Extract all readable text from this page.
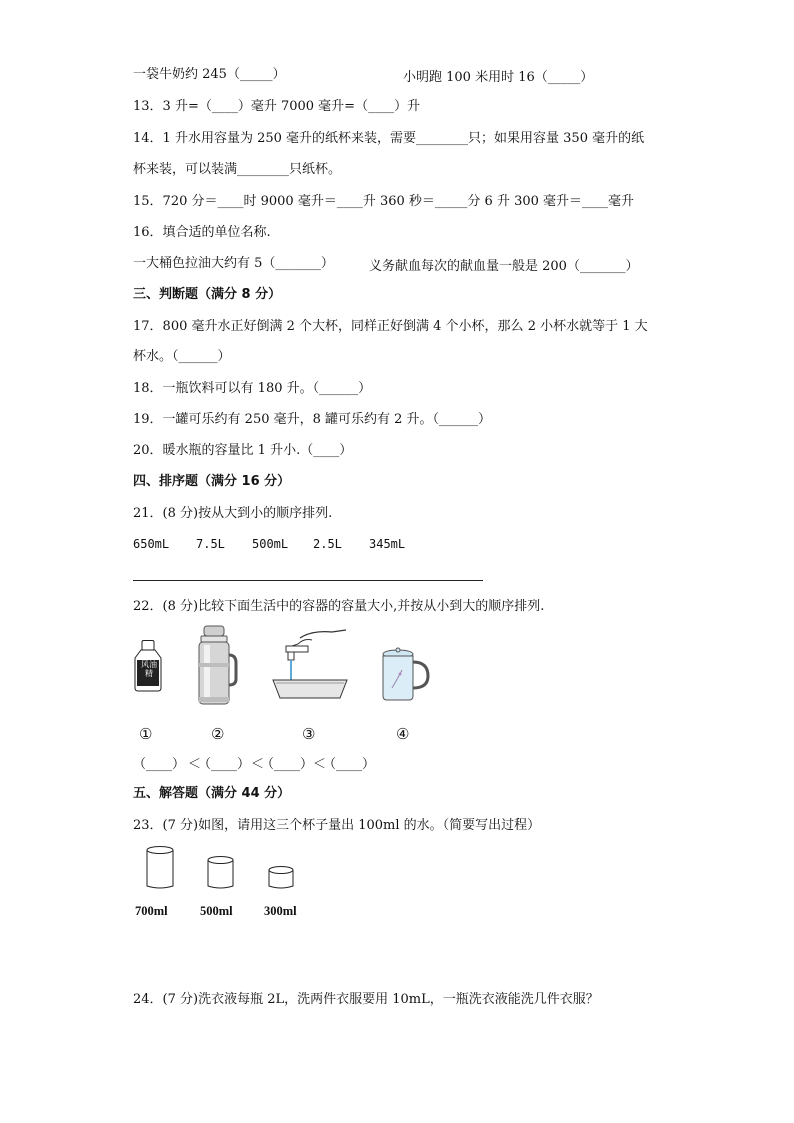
一袋牛奶约 245（_____）	小明跑 100 米用时 16（_____）
13．3 升=（____）毫升 7000 毫升=（____）升
14．1 升水用容量为 250 毫升的纸杯来装，需要________只；如果用容量 350 毫升的纸
杯来装，可以装满________只纸杯。
15．720 分＝____时 9000 毫升＝____升 360 秒＝_____分 6 升 300 毫升＝____毫升
16．填合适的单位名称.
一大桶色拉油大约有 5（_______）	义务献血每次的献血量一般是 200（_______）
三、判断题（满分 8 分）
17．800 毫升水正好倒满 2 个大杯，同样正好倒满 4 个小杯，那么 2 小杯水就等于 1 大
杯水。（______）
18．一瓶饮料可以有 180 升。（______）
19．一罐可乐约有 250 毫升，8 罐可乐约有 2 升。（______）
20．暖水瓶的容量比 1 升小.（____）
四、排序题（满分 16 分）
21．(8 分)按从大到小的顺序排列.
650mL 7.5L 500mL 2.5L 345mL
22．(8 分)比较下面生活中的容器的容量大小,并按从小到大的顺序排列.
风油精
①	②	③	④
（____） ＜
（____） ＜
（____） ＜
（____）
五、解答题（满分 44 分）
23．(7 分)如图，请用这三个杯子量出 100ml 的水。（简要写出过程）
700ml	500ml	300ml
24．(7 分)洗衣液每瓶 2L，洗两件衣服要用 10mL，一瓶洗衣液能洗几件衣服？
